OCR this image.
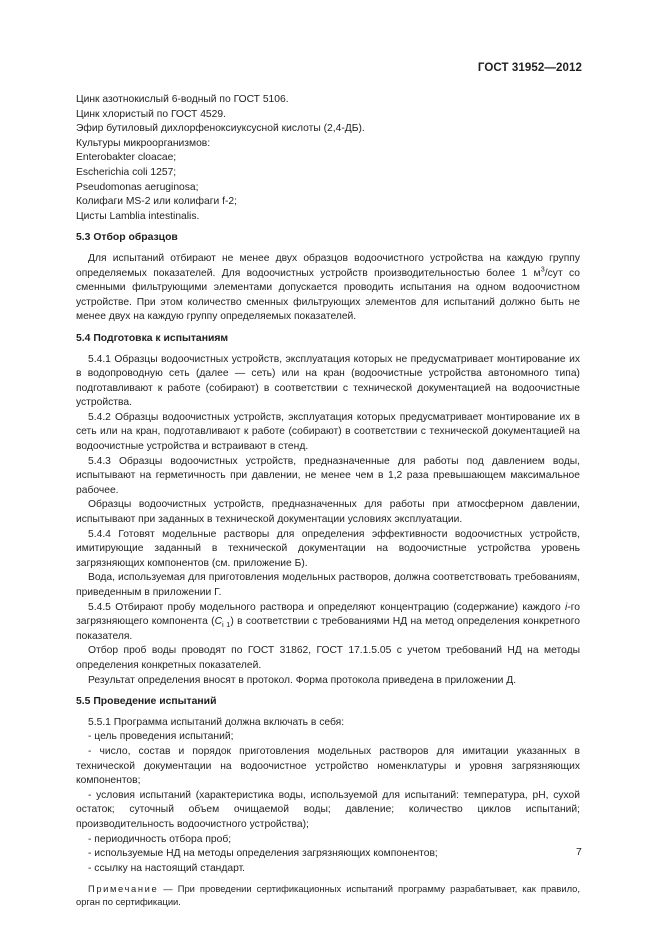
ГОСТ 31952—2012

Цинк азотнокислый 6-водный по ГОСТ 5106.

Цинк хлористый по ГОСТ 4529.

Эфир бутиловый дихлорфеноксиуксусной кислоты (2,4-ДБ).

Культуры микроорганизмов:

Enterobakter cloacae;

Escherichia coli 1257;

Pseudomonas aeruginosa;

Колифаги MS-2 или колифаги f-2;

Цисты Lamblia intestinalis.

5.3 Отбор образцов

Для испытаний отбирают не менее двух образцов водоочистного устройства на каждую группу определяемых показателей. Для водоочистных устройств производительностью более 1 $м^3$/сут со сменными фильтрующими элементами допускается проводить испытания на одном водоочистном устройстве. При этом количество сменных фильтрующих элементов для испытаний должно быть не менее двух на каждую группу определяемых показателей.

5.4 Подготовка к испытаниям

5.4.1 Образцы водоочистных устройств, эксплуатация которых не предусматривает монтирование их в водопроводную сеть (далее — сеть) или на кран (водоочистные устройства автономного типа) подготавливают к работе (собирают) в соответствии с технической документацией на водоочистные устройства.

5.4.2 Образцы водоочистных устройств, эксплуатация которых предусматривает монтирование их в сеть или на кран, подготавливают к работе (собирают) в соответствии с технической документацией на водоочистные устройства и встраивают в стенд.

5.4.3 Образцы водоочистных устройств, предназначенные для работы под давлением воды, испытывают на герметичность при давлении, не менее чем в 1,2 раза превышающем максимальное рабочее.

Образцы водоочистных устройств, предназначенных для работы при атмосферном давлении, испытывают при заданных в технической документации условиях эксплуатации.

5.4.4 Готовят модельные растворы для определения эффективности водоочистных устройств, имитирующие заданный в технической документации на водоочистные устройства уровень загрязняющих компонентов (см. приложение Б).

Вода, используемая для приготовления модельных растворов, должна соответствовать требованиям, приведенным в приложении Г.

5.4.5 Отбирают пробу модельного раствора и определяют концентрацию (содержание) каждого i-го загрязняющего компонента $(C_{i 1})$ в соответствии с требованиями НД на метод определения конкретного показателя.

Отбор проб воды проводят по ГОСТ 31862, ГОСТ 17.1.5.05 с учетом требований НД на методы определения конкретных показателей.

Результат определения вносят в протокол. Форма протокола приведена в приложении Д.

5.5 Проведение испытаний

5.5.1 Программа испытаний должна включать в себя:

- цель проведения испытаний;

- число, состав и порядок приготовления модельных растворов для имитации указанных в технической документации на водоочистное устройство номенклатуры и уровня загрязняющих компонентов;

- условия испытаний (характеристика воды, используемой для испытаний: температура, pH, сухой остаток; суточный объем очищаемой воды; давление; количество циклов испытаний; производительность водоочистного устройства);

- периодичность отбора проб;

- используемые НД на методы определения загрязняющих компонентов;

- ссылку на настоящий стандарт.

Примечание — При проведении сертификационных испытаний программу разрабатывает, как правило, орган по сертификации.

7
